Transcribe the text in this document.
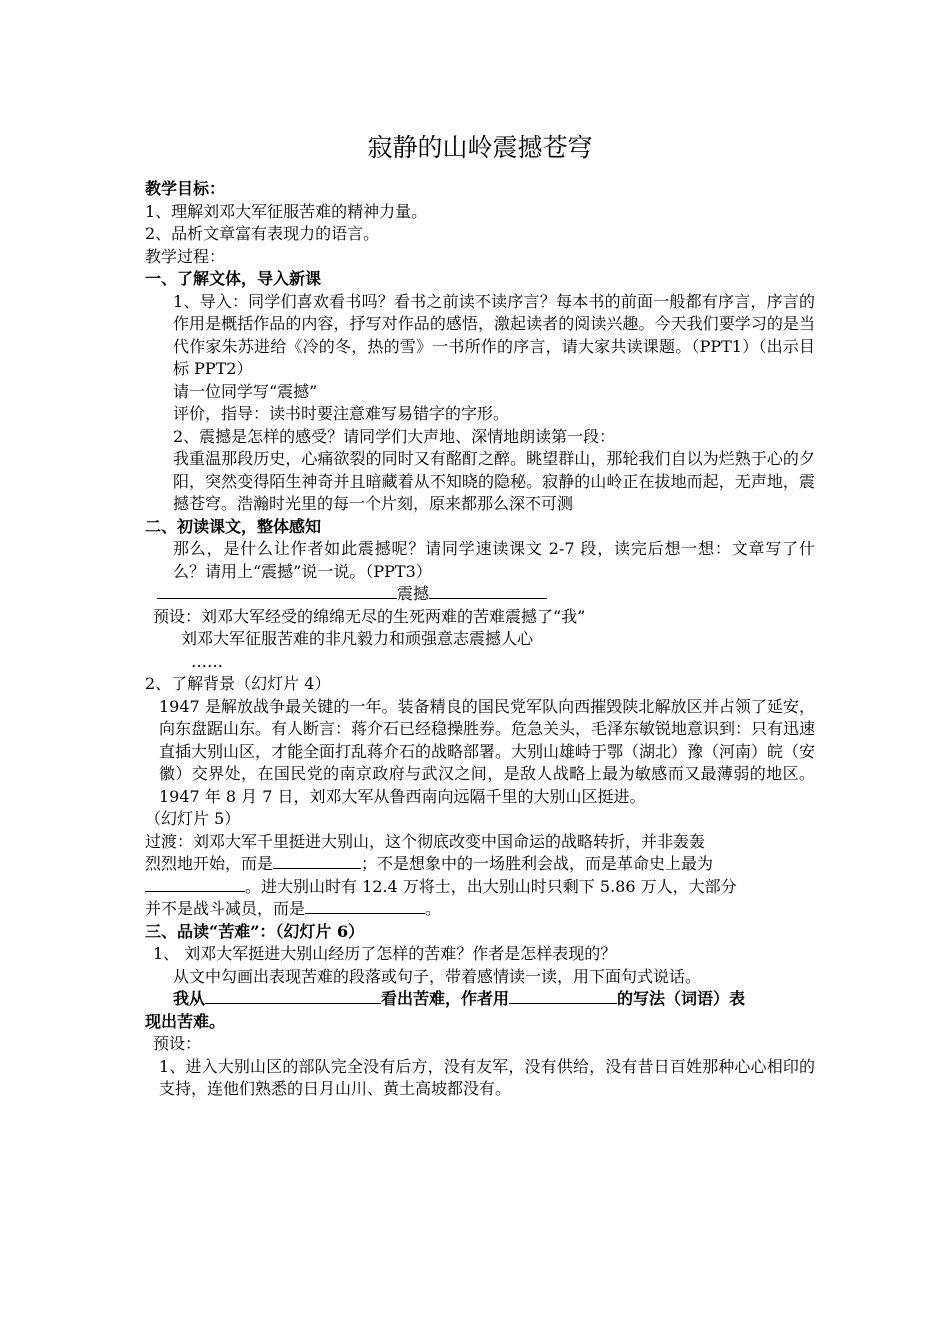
寂静的山岭震撼苍穹

教学目标：

1、理解刘邓大军征服苦难的精神力量。

2、品析文章富有表现力的语言。

教学过程：

一、了解文体，导入新课

1、导入：同学们喜欢看书吗？看书之前读不读序言？每本书的前面一般都有序言，序言的作用是概括作品的内容，抒写对作品的感悟，激起读者的阅读兴趣。今天我们要学习的是当代作家朱苏进给《冷的冬，热的雪》一书所作的序言，请大家共读课题。（PPT1）（出示目标 PPT2）

请一位同学写“震撼”

评价，指导：读书时要注意难写易错字的字形。

2、震撼是怎样的感受？请同学们大声地、深情地朗读第一段：

我重温那段历史，心痛欲裂的同时又有酩酊之醉。眺望群山，那轮我们自以为烂熟于心的夕阳，突然变得陌生神奇并且暗藏着从不知晓的隐秘。寂静的山岭正在拔地而起，无声地，震撼苍穹。浩瀚时光里的每一个片刻，原来都那么深不可测

二、初读课文，整体感知

那么，是什么让作者如此震撼呢？请同学速读课文 2-7 段，读完后想一想：文章写了什么？请用上“震撼”说一说。（PPT3）

震撼

预设：刘邓大军经受的绵绵无尽的生死两难的苦难震撼了“我”

刘邓大军征服苦难的非凡毅力和顽强意志震撼人心

……

2、了解背景（幻灯片 4）

1947 是解放战争最关键的一年。装备精良的国民党军队向西摧毁陕北解放区并占领了延安，向东盘踞山东。有人断言：蒋介石已经稳操胜券。危急关头，毛泽东敏锐地意识到：只有迅速直插大别山区，才能全面打乱蒋介石的战略部署。大别山雄峙于鄂（湖北）豫（河南）皖（安徽）交界处，在国民党的南京政府与武汉之间，是敌人战略上最为敏感而又最薄弱的地区。1947 年 8 月 7 日，刘邓大军从鲁西南向远隔千里的大别山区挺进。

（幻灯片 5）

过渡：刘邓大军千里挺进大别山，这个彻底改变中国命运的战略转折，并非轰轰

烈烈地开始，而是	；不是想象中的一场胜利会战，而是革命史上最为

。进大别山时有 12.4 万将士，出大别山时只剩下 5.86 万人，大部分

并不是战斗减员，而是	。

三、品读“苦难”：（幻灯片 6）

1、 刘邓大军挺进大别山经历了怎样的苦难？作者是怎样表现的？

从文中勾画出表现苦难的段落或句子，带着感情读一读，用下面句式说话。

我从	看出苦难，作者用	的写法（词语）表

现出苦难。

预设：

1、进入大别山区的部队完全没有后方，没有友军，没有供给，没有昔日百姓那种心心相印的支持，连他们熟悉的日月山川、黄土高坡都没有。
